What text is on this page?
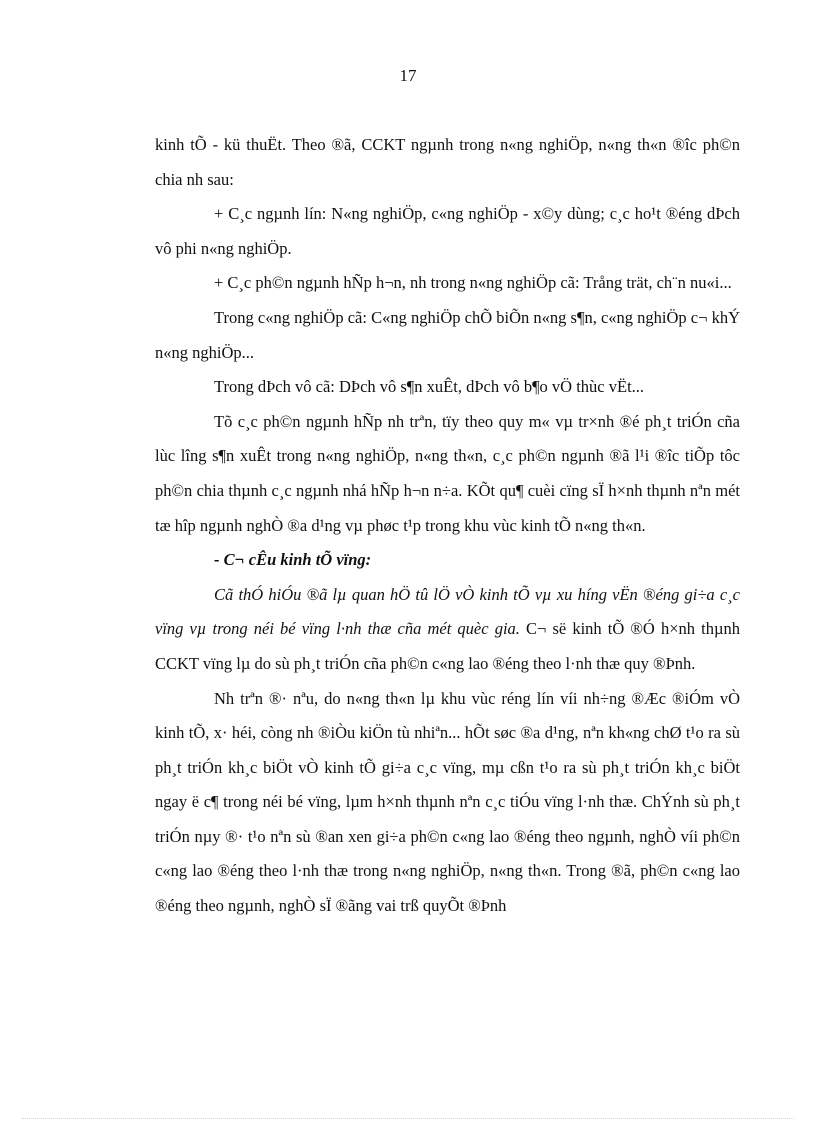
17

kinh tÕ - kü thuËt. Theo ®ã, CCKT ngµnh trong n«ng nghiÖp, n«ng th«n ®îc ph©n chia nh sau:

+ C¸c ngµnh lín: N«ng nghiÖp, c«ng nghiÖp - x©y dùng; c¸c ho¹t ®éng dÞch vô phi n«ng nghiÖp.

+ C¸c ph©n ngµnh hÑp h¬n, nh trong n«ng nghiÖp cã: Trång trät, ch¨n nu«i...

Trong c«ng nghiÖp cã: C«ng nghiÖp chÕ biÕn n«ng s¶n, c«ng nghiÖp c¬ khÝ n«ng nghiÖp...

Trong dÞch vô cã: DÞch vô s¶n xuÊt, dÞch vô b¶o vÖ thùc vËt...

Tõ c¸c ph©n ngµnh hÑp nh trªn, tïy theo quy m« vµ tr×nh ®é ph¸t triÓn cña lùc lîng s¶n xuÊt trong n«ng nghiÖp, n«ng th«n, c¸c ph©n ngµnh ®ã l¹i ®îc tiÕp tôc ph©n chia thµnh c¸c ngµnh nhá hÑp h¬n n÷a. KÕt qu¶ cuèi cïng sÏ h×nh thµnh nªn mét tæ hîp ngµnh nghÒ ®a d¹ng vµ phøc t¹p trong khu vùc kinh tÕ n«ng th«n.

- C¬ cÊu kinh tÕ vïng:

Cã thÓ hiÓu ®ã lµ quan hÖ tû lÖ vÒ kinh tÕ vµ xu híng vËn ®éng gi÷a c¸c vïng vµ trong néi bé vïng l·nh thæ cña mét quèc gia. C¬ së kinh tÕ ®Ó h×nh thµnh CCKT vïng lµ do sù ph¸t triÓn cña ph©n c«ng lao ®éng theo l·nh thæ quy ®Þnh.

Nh trªn ®· nªu, do n«ng th«n lµ khu vùc réng lín víi nh÷ng ®Æc ®iÓm vÒ kinh tÕ, x· héi, còng nh ®iÒu kiÖn tù nhiªn... hÕt søc ®a d¹ng, nªn kh«ng chØ t¹o ra sù ph¸t triÓn kh¸c biÖt vÒ kinh tÕ gi÷a c¸c vïng, mµ cßn t¹o ra sù ph¸t triÓn kh¸c biÖt ngay ë c¶ trong néi bé vïng, lµm h×nh thµnh nªn c¸c tiÓu vïng l·nh thæ. ChÝnh sù ph¸t triÓn nµy ®· t¹o nªn sù ®an xen gi÷a ph©n c«ng lao ®éng theo ngµnh, nghÒ víi ph©n c«ng lao ®éng theo l·nh thæ trong n«ng nghiÖp, n«ng th«n. Trong ®ã, ph©n c«ng lao ®éng theo ngµnh, nghÒ sÏ ®ãng vai trß quyÕt ®Þnh
